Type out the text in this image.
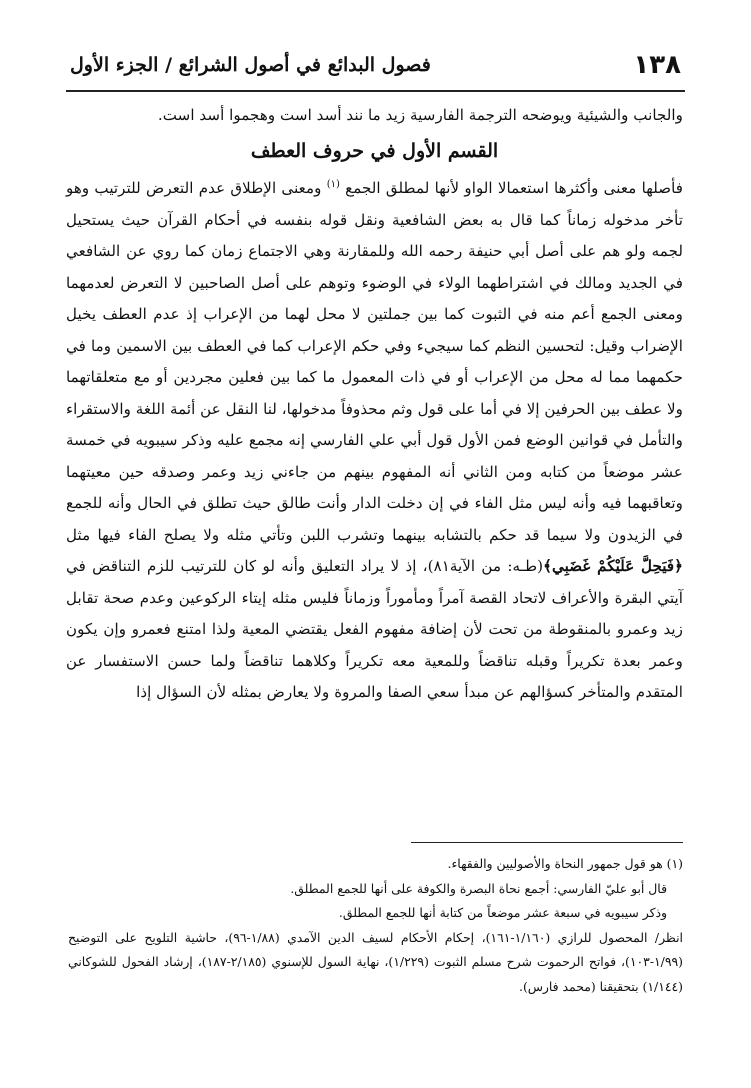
١٣٨
فصول البدائع في أصول الشرائع / الجزء الأول

والجانب والشيئية ويوضحه الترجمة الفارسية زيد ما نند أسد است وهجموا أسد است.

القسم الأول في حروف العطف

فأصلها معنى وأكثرها استعمالا الواو لأنها لمطلق الجمع $^{(١)}$ ومعنى الإطلاق عدم التعرض للترتيب وهو تأخر مدخوله زماناً كما قال به بعض الشافعية ونقل قوله بنفسه في أحكام القرآن حيث يستحيل لجمه ولو هم على أصل أبي حنيفة رحمه الله وللمقارنة وهي الاجتماع زمان كما روي عن الشافعي في الجديد ومالك في اشتراطهما الولاء في الوضوء وتوهم على أصل الصاحبين لا التعرض لعدمهما ومعنى الجمع أعم منه في الثبوت كما بين جملتين لا محل لهما من الإعراب إذ عدم العطف يخيل الإضراب وقيل: لتحسين النظم كما سيجيء وفي حكم الإعراب كما في العطف بين الاسمين وما في حكمهما مما له محل من الإعراب أو في ذات المعمول ما كما بين فعلين مجردين أو مع متعلقاتهما ولا عطف بين الحرفين إلا في أما على قول وثم محذوفاً مدخولها، لنا النقل عن أئمة اللغة والاستقراء والتأمل في قوانين الوضع فمن الأول قول أبي علي الفارسي إنه مجمع عليه وذكر سيبويه في خمسة عشر موضعاً من كتابه ومن الثاني أنه المفهوم بينهم من جاءني زيد وعمر وصدقه حين معيتهما وتعاقبهما فيه وأنه ليس مثل الفاء في إن دخلت الدار وأنت طالق حيث تطلق في الحال وأنه للجمع في الزيدون ولا سيما قد حكم بالتشابه بينهما وتشرب اللبن وتأتي مثله ولا يصلح الفاء فيها مثل ﴿فَيَحِلَّ عَلَيْكُمْ غَضَبِي﴾(طـه: من الآية٨١)، إذ لا يراد التعليق وأنه لو كان للترتيب للزم التناقض في آيتي البقرة والأعراف لاتحاد القصة آمراً ومأموراً وزماناً فليس مثله إيتاء الركوعين وعدم صحة تقابل زيد وعمرو بالمنقوطة من تحت لأن إضافة مفهوم الفعل يقتضي المعية ولذا امتنع فعمرو وإن يكون وعمر بعدة تكريراً وقبله تناقضاً وللمعية معه تكريراً وكلاهما تناقضاً ولما حسن الاستفسار عن المتقدم والمتأخر كسؤالهم عن مبدأ سعي الصفا والمروة ولا يعارض بمثله لأن السؤال إذا

(١) هو قول جمهور النحاة والأصوليين والفقهاء.

قال أبو عليّ الفارسي: أجمع نحاة البصرة والكوفة على أنها للجمع المطلق.

وذكر سيبويه في سبعة عشر موضعاً من كتابة أنها للجمع المطلق.

انظر/ المحصول للرازي (١/١٦٠-١٦١)، إحكام الأحكام لسيف الدين الآمدي (١/٨٨-٩٦)، حاشية التلويح على التوضيح (١/٩٩-١٠٣)، فواتح الرحموت شرح مسلم الثبوت (١/٢٢٩)، نهاية السول للإسنوي (٢/١٨٥-١٨٧)، إرشاد الفحول للشوكاني (١/١٤٤) بتحقيقنا (محمد فارس).
